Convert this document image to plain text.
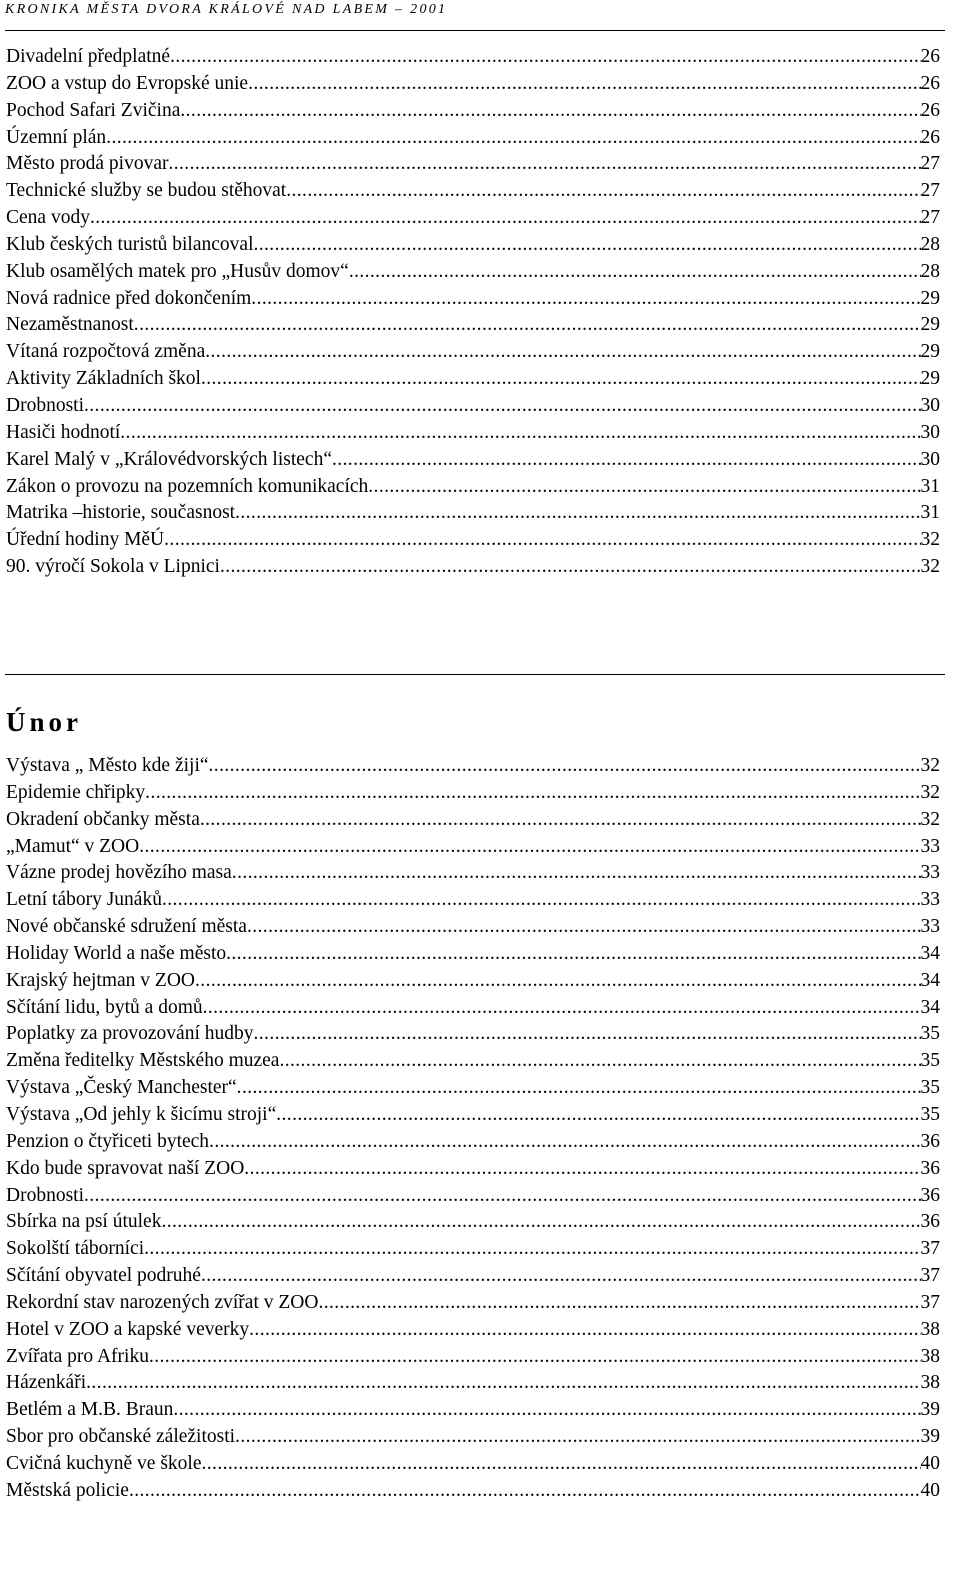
KRONIKA MĚSTA DVORA KRÁLOVÉ NAD LABEM – 2001
Divadelní předplatné .....	26
ZOO a vstup do Evropské unie .....	26
Pochod Safari Zvičina .....	26
Územní plán .....	26
Město prodá pivovar .....	27
Technické služby se budou stěhovat .....	27
Cena vody .....	27
Klub českých turistů bilancoval .....	28
Klub osamělých matek pro „Husův domov“ .....	28
Nová radnice před dokončením .....	29
Nezaměstnanost .....	29
Vítaná rozpočtová změna .....	29
Aktivity Základních škol .....	29
Drobnosti .....	30
Hasiči hodnotí .....	30
Karel Malý v „Královédvorských listech“ .....	30
Zákon o provozu na pozemních komunikacích .....	31
Matrika –historie, současnost .....	31
Úřední hodiny MěÚ .....	32
90. výročí Sokola v Lipnici .....	32
Únor
Výstava „ Město kde žiji“ .....	32
Epidemie chřipky .....	32
Okradení občanky města .....	32
„Mamut“ v ZOO .....	33
Vázne prodej hovězího masa .....	33
Letní tábory Junáků .....	33
Nové občanské sdružení města .....	33
Holiday World a naše město .....	34
Krajský hejtman v ZOO .....	34
Sčítání lidu, bytů a domů .....	34
Poplatky za provozování hudby .....	35
Změna ředitelky Městského muzea .....	35
Výstava „Český Manchester“ .....	35
Výstava „Od jehly k šicímu stroji“ .....	35
Penzion o čtyřiceti bytech .....	36
Kdo bude spravovat naší ZOO .....	36
Drobnosti .....	36
Sbírka na psí útulek .....	36
Sokolští táborníci .....	37
Sčítání obyvatel podruhé .....	37
Rekordní stav narozených zvířat v ZOO .....	37
Hotel v ZOO a kapské veverky .....	38
Zvířata pro Afriku .....	38
Házenkáři .....	38
Betlém a M.B. Braun .....	39
Sbor pro občanské záležitosti .....	39
Cvičná kuchyně ve škole .....	40
Městská policie .....	40
